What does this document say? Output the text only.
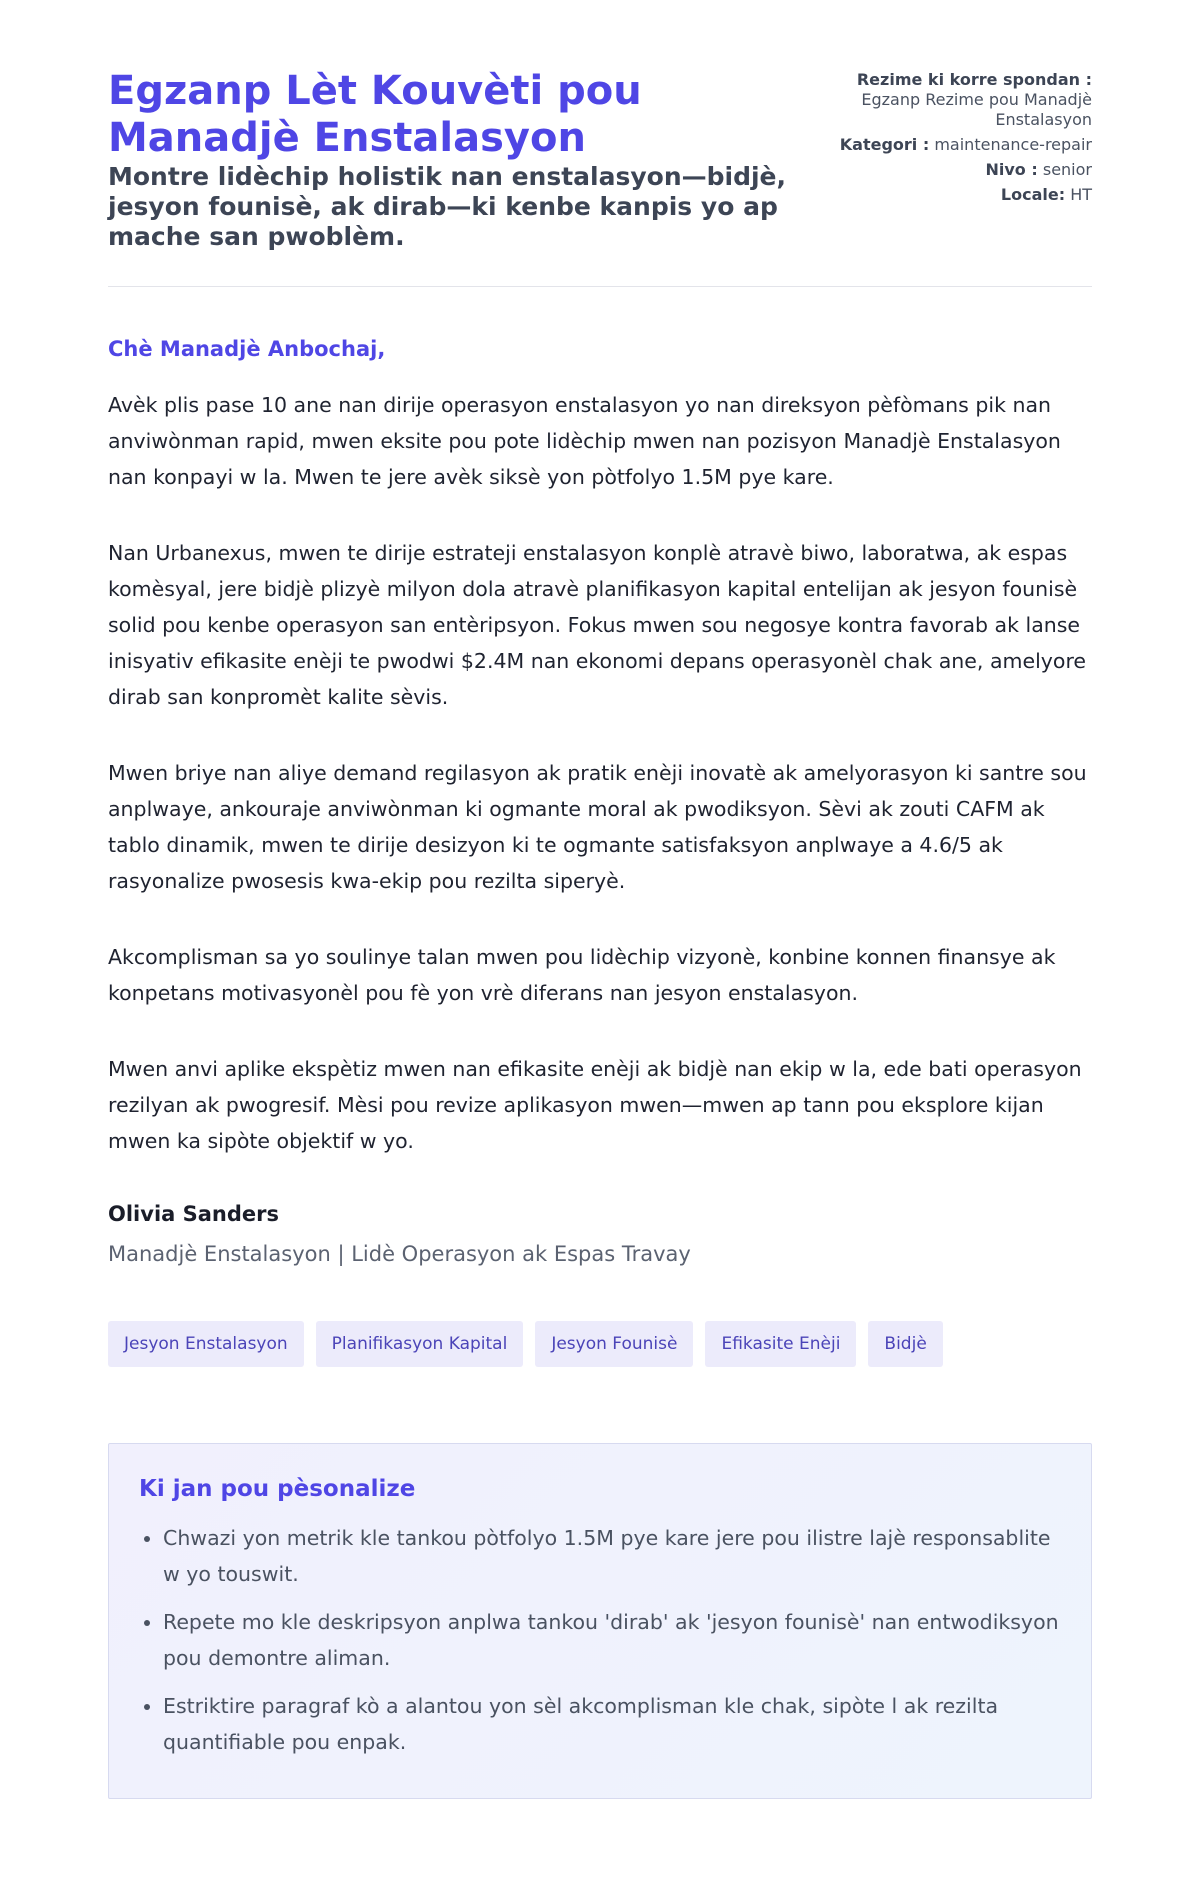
Egzanp Lèt Kouvèti pou Manadjè Enstalasyon

Montre lidèchip holistik nan enstalasyon—bidjè, jesyon founisè, ak dirab—ki kenbe kanpis yo ap mache san pwoblèm.

Rezime ki korre spondan :
Egzanp Rezime pou Manadjè Enstalasyon
Kategori : maintenance-repair
Nivo : senior
Locale: HT

Chè Manadjè Anbochaj,

Avèk plis pase 10 ane nan dirije operasyon enstalasyon yo nan direksyon pèfòmans pik nan anviwònman rapid, mwen eksite pou pote lidèchip mwen nan pozisyon Manadjè Enstalasyon nan konpayi w la. Mwen te jere avèk siksè yon pòtfolyo 1.5M pye kare.

Nan Urbanexus, mwen te dirije estrateji enstalasyon konplè atravè biwo, laboratwa, ak espas komèsyal, jere bidjè plizyè milyon dola atravè planifikasyon kapital entelijan ak jesyon founisè solid pou kenbe operasyon san entèripsyon. Fokus mwen sou negosye kontra favorab ak lanse inisyativ efikasite enèji te pwodwi $2.4M nan ekonomi depans operasyonèl chak ane, amelyore dirab san konpromèt kalite sèvis.

Mwen briye nan aliye demand regilasyon ak pratik enèji inovatè ak amelyorasyon ki santre sou anplwaye, ankouraje anviwònman ki ogmante moral ak pwodiksyon. Sèvi ak zouti CAFM ak tablo dinamik, mwen te dirije desizyon ki te ogmante satisfaksyon anplwaye a 4.6/5 ak rasyonalize pwosesis kwa-ekip pou rezilta siperyè.

Akcomplisman sa yo soulinye talan mwen pou lidèchip vizyonè, konbine konnen finansye ak konpetans motivasyonèl pou fè yon vrè diferans nan jesyon enstalasyon.

Mwen anvi aplike ekspètiz mwen nan efikasite enèji ak bidjè nan ekip w la, ede bati operasyon rezilyan ak pwogresif. Mèsi pou revize aplikasyon mwen—mwen ap tann pou eksplore kijan mwen ka sipòte objektif w yo.

Olivia Sanders

Manadjè Enstalasyon | Lidè Operasyon ak Espas Travay

Jesyon Enstalasyon	Planifikasyon Kapital	Jesyon Founisè	Efikasite Enèji	Bidjè
Ki jan pou pèsonalize
• Chwazi yon metrik kle tankou pòtfolyo 1.5M pye kare jere pou ilistre lajè responsablite w yo touswit.
• Repete mo kle deskripsyon anplwa tankou 'dirab' ak 'jesyon founisè' nan entwodiksyon pou demontre aliman.
• Estriktire paragraf kò a alantou yon sèl akcomplisman kle chak, sipòte l ak rezilta quantifiable pou enpak.
